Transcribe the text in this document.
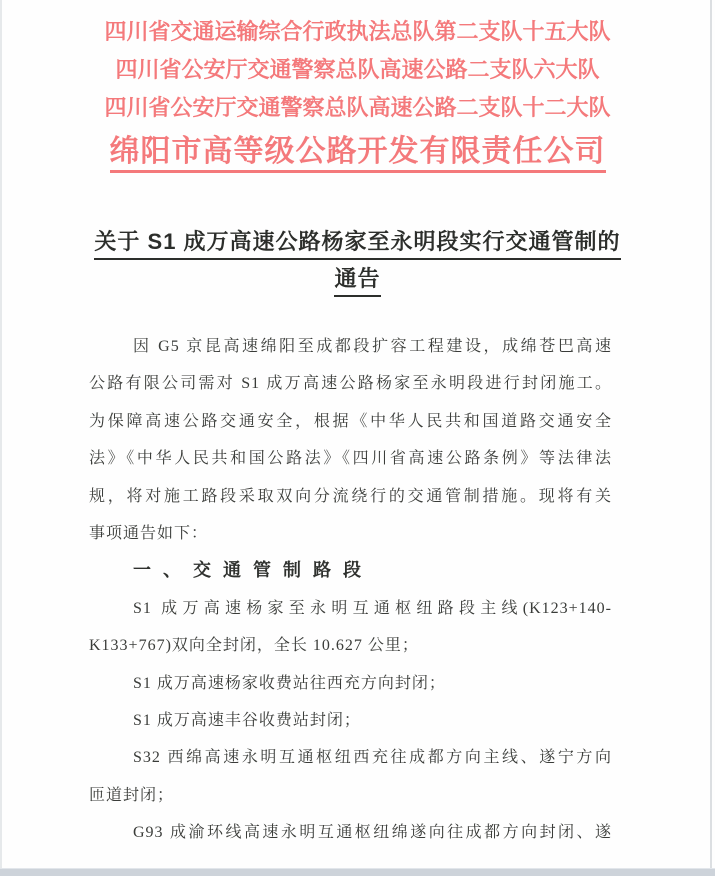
四川省交通运输综合行政执法总队第二支队十五大队
四川省公安厅交通警察总队高速公路二支队六大队
四川省公安厅交通警察总队高速公路二支队十二大队
绵阳市高等级公路开发有限责任公司
关于 S1 成万高速公路杨家至永明段实行交通管制的
通告
因 G5 京昆高速绵阳至成都段扩容工程建设，成绵苍巴高速
公路有限公司需对 S1 成万高速公路杨家至永明段进行封闭施工。
为保障高速公路交通安全，根据《中华人民共和国道路交通安全
法》《中华人民共和国公路法》《四川省高速公路条例》等法律法
规，将对施工路段采取双向分流绕行的交通管制措施。现将有关
事项通告如下：
一、交通管制路段
S1 成万高速杨家至永明互通枢纽路段主线(K123+140-
K133+767)双向全封闭，全长 10.627 公里；
S1 成万高速杨家收费站往西充方向封闭；
S1 成万高速丰谷收费站封闭；
S32 西绵高速永明互通枢纽西充往成都方向主线、遂宁方向
匝道封闭；
G93 成渝环线高速永明互通枢纽绵遂向往成都方向封闭、遂
